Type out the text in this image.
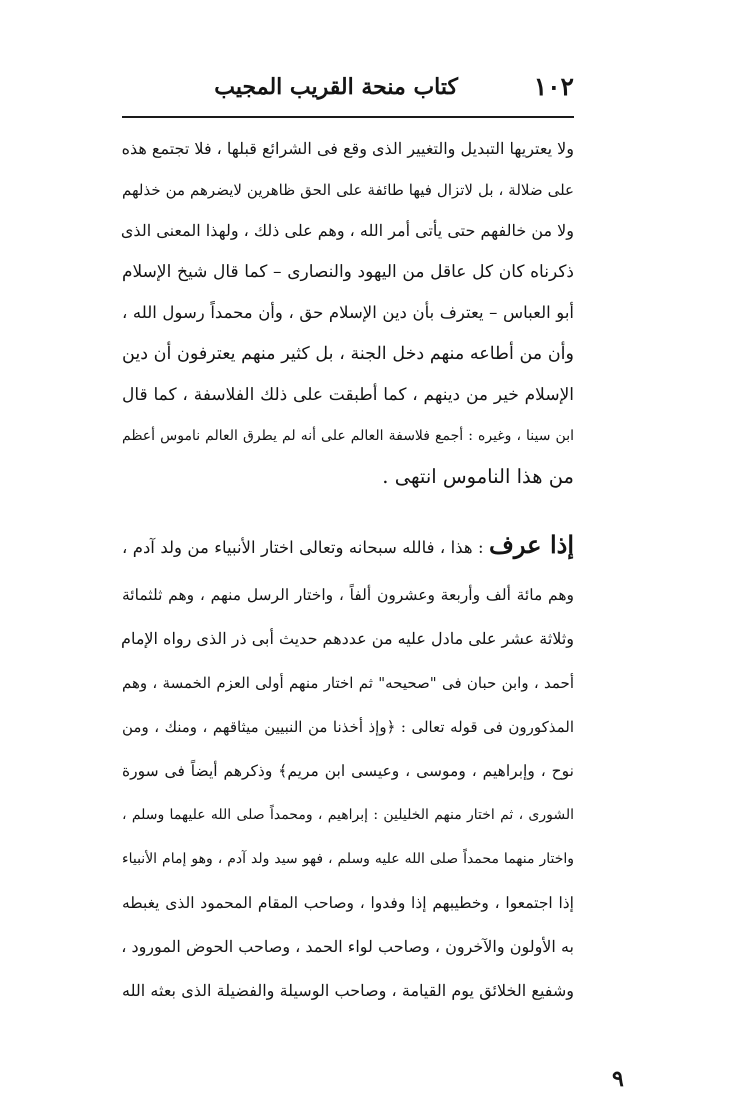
١٠٢
كتاب منحة القريب المجيب
ولا يعتريها التبديل والتغيير الذى وقع فى الشرائع قبلها ، فلا تجتمع هذه
على ضلالة ، بل لاتزال فيها طائفة على الحق ظاهرين لايضرهم من خذلهم
ولا من خالفهم حتى يأتى أمر الله ، وهم على ذلك ، ولهذا المعنى الذى
ذكرناه كان كل عاقل من اليهود والنصارى – كما قال شيخ الإسلام
أبو العباس – يعترف بأن دين الإسلام حق ، وأن محمداً رسول الله ،
وأن من أطاعه منهم دخل الجنة ، بل كثير منهم يعترفون أن دين
الإسلام خير من دينهم ، كما أطبقت على ذلك الفلاسفة ، كما قال
ابن سينا ، وغيره : أجمع فلاسفة العالم على أنه لم يطرق العالم ناموس أعظم
من هذا الناموس انتهى .
إذا عرف : هذا ، فالله سبحانه وتعالى اختار الأنبياء من ولد آدم ،
وهم مائة ألف وأربعة وعشرون ألفاً ، واختار الرسل منهم ، وهم ثلثمائة
وثلاثة عشر على مادل عليه من عددهم حديث أبى ذر الذى رواه الإمام
أحمد ، وابن حبان فى "صحيحه" ثم اختار منهم أولى العزم الخمسة ، وهم
المذكورون فى قوله تعالى : ﴿وإذ أخذنا من النبيين ميثاقهم ، ومنك ، ومن
نوح ، وإبراهيم ، وموسى ، وعيسى ابن مريم﴾ وذكرهم أيضاً فى سورة
الشورى ، ثم اختار منهم الخليلين : إبراهيم ، ومحمداً صلى الله عليهما وسلم ،
واختار منهما محمداً صلى الله عليه وسلم ، فهو سيد ولد آدم ، وهو إمام الأنبياء
إذا اجتمعوا ، وخطيبهم إذا وفدوا ، وصاحب المقام المحمود الذى يغبطه
به الأولون والآخرون ، وصاحب لواء الحمد ، وصاحب الحوض المورود ،
وشفيع الخلائق يوم القيامة ، وصاحب الوسيلة والفضيلة الذى بعثه الله
٩
